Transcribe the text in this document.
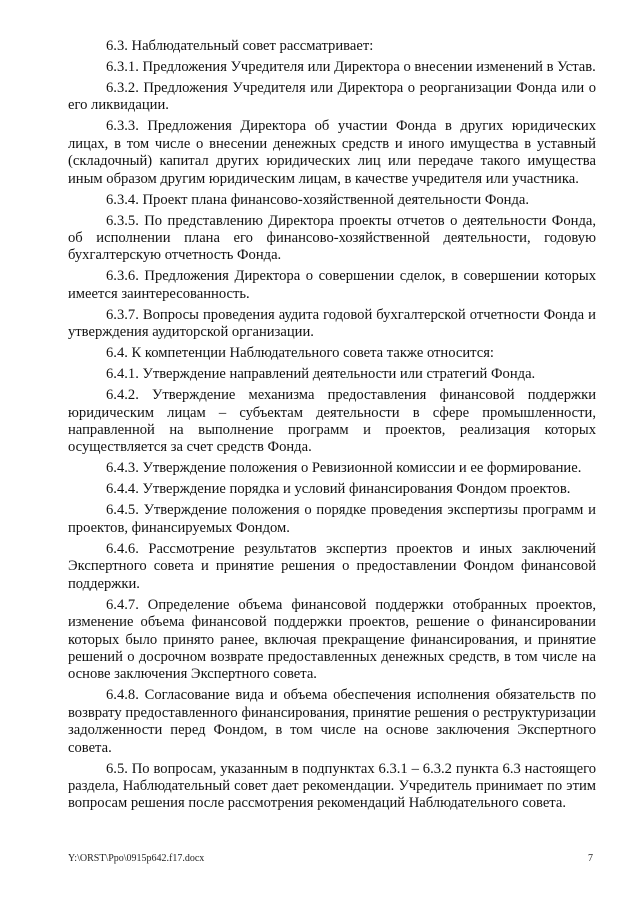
6.3. Наблюдательный совет рассматривает:

6.3.1. Предложения Учредителя или Директора о внесении изменений в Устав.

6.3.2. Предложения Учредителя или Директора о реорганизации Фонда или о его ликвидации.

6.3.3. Предложения Директора об участии Фонда в других юридических лицах, в том числе о внесении денежных средств и иного имущества в уставный (складочный) капитал других юридических лиц или передаче такого имущества иным образом другим юридическим лицам, в качестве учредителя или участника.

6.3.4. Проект плана финансово-хозяйственной деятельности Фонда.

6.3.5. По представлению Директора проекты отчетов о деятельности Фонда, об исполнении плана его финансово-хозяйственной деятельности, годовую бухгалтерскую отчетность Фонда.

6.3.6. Предложения Директора о совершении сделок, в совершении которых имеется заинтересованность.

6.3.7. Вопросы проведения аудита годовой бухгалтерской отчетности Фонда и утверждения аудиторской организации.

6.4. К компетенции Наблюдательного совета также относится:

6.4.1. Утверждение направлений деятельности или стратегий Фонда.

6.4.2. Утверждение механизма предоставления финансовой поддержки юридическим лицам – субъектам деятельности в сфере промышленности, направленной на выполнение программ и проектов, реализация которых осуществляется за счет средств Фонда.

6.4.3. Утверждение положения о Ревизионной комиссии и ее формирование.

6.4.4. Утверждение порядка и условий финансирования Фондом проектов.

6.4.5. Утверждение положения о порядке проведения экспертизы программ и проектов, финансируемых Фондом.

6.4.6. Рассмотрение результатов экспертиз проектов и иных заключений Экспертного совета и принятие решения о предоставлении Фондом финансовой поддержки.

6.4.7. Определение объема финансовой поддержки отобранных проектов, изменение объема финансовой поддержки проектов, решение о финансировании которых было принято ранее, включая прекращение финансирования, и принятие решений о досрочном возврате предоставленных денежных средств, в том числе на основе заключения Экспертного совета.

6.4.8. Согласование вида и объема обеспечения исполнения обязательств по возврату предоставленного финансирования, принятие решения о реструктуризации задолженности перед Фондом, в том числе на основе заключения Экспертного совета.

6.5. По вопросам, указанным в подпунктах 6.3.1 – 6.3.2 пункта 6.3 настоящего раздела, Наблюдательный совет дает рекомендации. Учредитель принимает по этим вопросам решения после рассмотрения рекомендаций Наблюдательного совета.

Y:\ORST\Ppo\0915p642.f17.docx	7
